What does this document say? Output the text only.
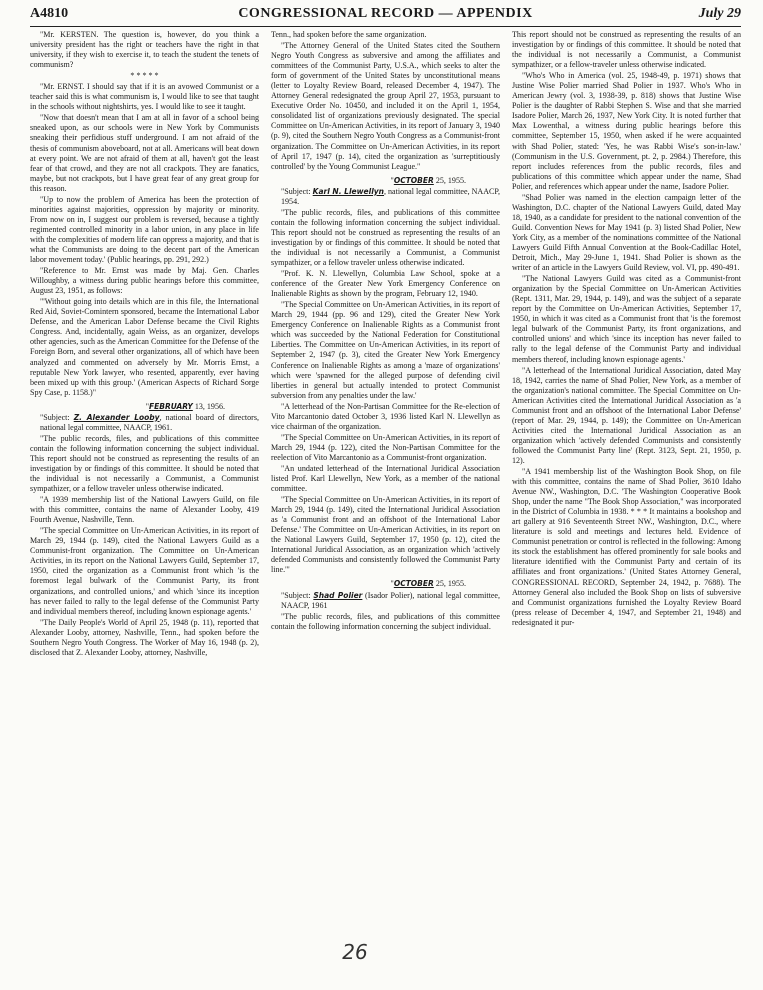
A4810	CONGRESSIONAL RECORD — APPENDIX	July 29

"Mr. KERSTEN. The question is, however, do you think a university president has the right or teachers have the right in that university, if they wish to exercise it, to teach the student the tenets of communism?

* * * * *

"Mr. ERNST. I should say that if it is an avowed Communist or a teacher said this is what communism is, I would like to see that taught in the schools without nightshirts, yes. I would like to see it taught.

"Now that doesn't mean that I am at all in favor of a school being sneaked upon, as our schools were in New York by Communists sneaking their perfidious stuff underground. I am not afraid of the thesis of communism aboveboard, not at all. Americans will beat down at every point. We are not afraid of them at all, haven't got the least fear of that crowd, and they are not all crackpots. They are fanatics, maybe, but not crackpots, but I have great fear of any great group for this reason.

"Up to now the problem of America has been the protection of minorities against majorities, oppression by majority or minority. From now on in, I suggest our problem is reversed, because a tightly regimented controlled minority in a labor union, in any place in life with the complexities of modern life can oppress a majority, and that is what the Communists are doing to the decent part of the American labor movement today.' (Public hearings, pp. 291, 292.)

"Reference to Mr. Ernst was made by Maj. Gen. Charles Willoughby, a witness during public hearings before this committee, August 23, 1951, as follows:

"'Without going into details which are in this file, the International Red Aid, Soviet-Comintern sponsored, became the International Labor Defense, and the American Labor Defense became the Civil Rights Congress. And, incidentally, again Weiss, as an organizer, develops other agencies, such as the American Committee for the Defense of the Foreign Born, and several other organizations, all of which have been analyzed and commented on adversely by Mr. Morris Ernst, a reputable New York lawyer, who resented, apparently, ever having been mixed up with this group.' (American Aspects of Richard Sorge Spy Case, p. 1158.)"

"FEBRUARY 13, 1956.

"Subject: Z. Alexander Looby, national board of directors, national legal committee, NAACP, 1961.

"The public records, files, and publications of this committee contain the following information concerning the subject individual. This report should not be construed as representing the results of an investigation by or findings of this committee. It should be noted that the individual is not necessarily a Communist, a Communist sympathizer, or a fellow traveler unless otherwise indicated.

"A 1939 membership list of the National Lawyers Guild, on file with this committee, contains the name of Alexander Looby, 419 Fourth Avenue, Nashville, Tenn.

"The special Committee on Un-American Activities, in its report of March 29, 1944 (p. 149), cited the National Lawyers Guild as a Communist-front organization. The Committee on Un-American Activities, in its report on the National Lawyers Guild, September 17, 1950, cited the organization as a Communist front which 'is the foremost legal bulwark of the Communist Party, its front organizations, and controlled unions,' and which 'since its inception has never failed to rally to the legal defense of the Communist Party and individual members thereof, including known espionage agents.'

"The Daily People's World of April 25, 1948 (p. 11), reported that Alexander Looby, attorney, Nashville, Tenn., had spoken before the Southern Negro Youth Congress. The Worker of May 16, 1948 (p. 2), disclosed that Z. Alexander Looby, attorney, Nashville,

Tenn., had spoken before the same organization.

"The Attorney General of the United States cited the Southern Negro Youth Congress as subversive and among the affiliates and committees of the Communist Party, U.S.A., which seeks to alter the form of government of the United States by unconstitutional means (letter to Loyalty Review Board, released December 4, 1947). The Attorney General redesignated the group April 27, 1953, pursuant to Executive Order No. 10450, and included it on the April 1, 1954, consolidated list of organizations previously designated. The special Committee on Un-American Activities, in its report of January 3, 1940 (p. 9), cited the Southern Negro Youth Congress as a Communist-front organization. The Committee on Un-American Activities, in its report of April 17, 1947 (p. 14), cited the organization as 'surreptitiously controlled' by the Young Communist League."

"OCTOBER 25, 1955.

"Subject: Karl N. Llewellyn, national legal committee, NAACP, 1954.

"The public records, files, and publications of this committee contain the following information concerning the subject individual. This report should not be construed as representing the results of an investigation by or findings of this committee. It should be noted that the individual is not necessarily a Communist, a Communist sympathizer, or a fellow traveler unless otherwise indicated.

"Prof. K. N. Llewellyn, Columbia Law School, spoke at a conference of the Greater New York Emergency Conference on Inalienable Rights as shown by the program, February 12, 1940.

"The Special Committee on Un-American Activities, in its report of March 29, 1944 (pp. 96 and 129), cited the Greater New York Emergency Conference on Inalienable Rights as a Communist front which was succeeded by the National Federation for Constitutional Liberties. The Committee on Un-American Activities, in its report of September 2, 1947 (p. 3), cited the Greater New York Emergency Conference on Inalienable Rights as among a 'maze of organizations' which were 'spawned for the alleged purpose of defending civil liberties in general but actually intended to protect Communist subversion from any penalties under the law.'

"A letterhead of the Non-Partisan Committee for the Re-election of Vito Marcantonio dated October 3, 1936 listed Karl N. Llewellyn as vice chairman of the organization.

"The Special Committee on Un-American Activities, in its report of March 29, 1944 (p. 122), cited the Non-Partisan Committee for the reelection of Vito Marcantonio as a Communist-front organization.

"An undated letterhead of the International Juridical Association listed Prof. Karl Llewellyn, New York, as a member of the national committee.

"The Special Committee on Un-American Activities, in its report of March 29, 1944 (p. 149), cited the International Juridical Association as 'a Communist front and an offshoot of the International Labor Defense.' The Committee on Un-American Activities, in its report on the National Lawyers Guild, September 17, 1950 (p. 12), cited the International Juridical Association, as an organization which 'actively defended Communists and consistently followed the Communist Party line.'"

"OCTOBER 25, 1955.

"Subject: Shad Polier (Isador Polier), national legal committee, NAACP, 1961

"The public records, files, and publications of this committee contain the following information concerning the subject individual.

This report should not be construed as representing the results of an investigation by or findings of this committee. It should be noted that the individual is not necessarily a Communist, a Communist sympathizer, or a fellow-traveler unless otherwise indicated.

"Who's Who in America (vol. 25, 1948-49, p. 1971) shows that Justine Wise Polier married Shad Polier in 1937. Who's Who in American Jewry (vol. 3, 1938-39, p. 818) shows that Justine Wise Polier is the daughter of Rabbi Stephen S. Wise and that she married Isadore Polier, March 26, 1937, New York City. It is noted further that Max Lowenthal, a witness during public hearings before this committee, September 15, 1950, when asked if he were acquainted with Shad Polier, stated: 'Yes, he was Rabbi Wise's son-in-law.' (Communism in the U.S. Government, pt. 2, p. 2984.) Therefore, this report includes references from the public records, files and publications of this committee which appear under the name, Shad Polier, and references which appear under the name, Isadore Polier.

"Shad Polier was named in the election campaign letter of the Washington, D.C. chapter of the National Lawyers Guild, dated May 18, 1940, as a candidate for president to the national convention of the Guild. Convention News for May 1941 (p. 3) listed Shad Polier, New York City, as a member of the nominations committee of the National Lawyers Guild Fifth Annual Convention at the Book-Cadillac Hotel, Detroit, Mich., May 29-June 1, 1941. Shad Polier is shown as the writer of an article in the Lawyers Guild Review, vol. VI, pp. 490-491.

"The National Lawyers Guild was cited as a Communist-front organization by the Special Committee on Un-American Activities (Rept. 1311, Mar. 29, 1944, p. 149), and was the subject of a separate report by the Committee on Un-American Activities, September 17, 1950, in which it was cited as a Communist front that 'is the foremost legal bulwark of the Communist Party, its front organizations, and controlled unions' and which 'since its inception has never failed to rally to the legal defense of the Communist Party and individual members thereof, including known espionage agents.'

"A letterhead of the International Juridical Association, dated May 18, 1942, carries the name of Shad Polier, New York, as a member of the organization's national committee. The Special Committee on Un-American Activities cited the International Juridical Association as 'a Communist front and an offshoot of the International Labor Defense' (report of Mar. 29, 1944, p. 149); the Committee on Un-American Activities cited the International Juridical Association as an organization which 'actively defended Communists and consistently followed the Communist Party line' (Rept. 3123, Sept. 21, 1950, p. 12).

"A 1941 membership list of the Washington Book Shop, on file with this committee, contains the name of Shad Polier, 3610 Idaho Avenue NW., Washington, D.C. 'The Washington Cooperative Book Shop, under the name "The Book Shop Association," was incorporated in the District of Columbia in 1938. * * * It maintains a bookshop and art gallery at 916 Seventeenth Street NW., Washington, D.C., where literature is sold and meetings and lectures held. Evidence of Communist penetration or control is reflected in the following: Among its stock the establishment has offered prominently for sale books and literature identified with the Communist Party and certain of its affiliates and front organizations.' (United States Attorney General, CONGRESSIONAL RECORD, September 24, 1942, p. 7688). The Attorney General also included the Book Shop on lists of subversive and Communist organizations furnished the Loyalty Review Board (press release of December 4, 1947, and September 21, 1948) and redesignated it pur-

26
